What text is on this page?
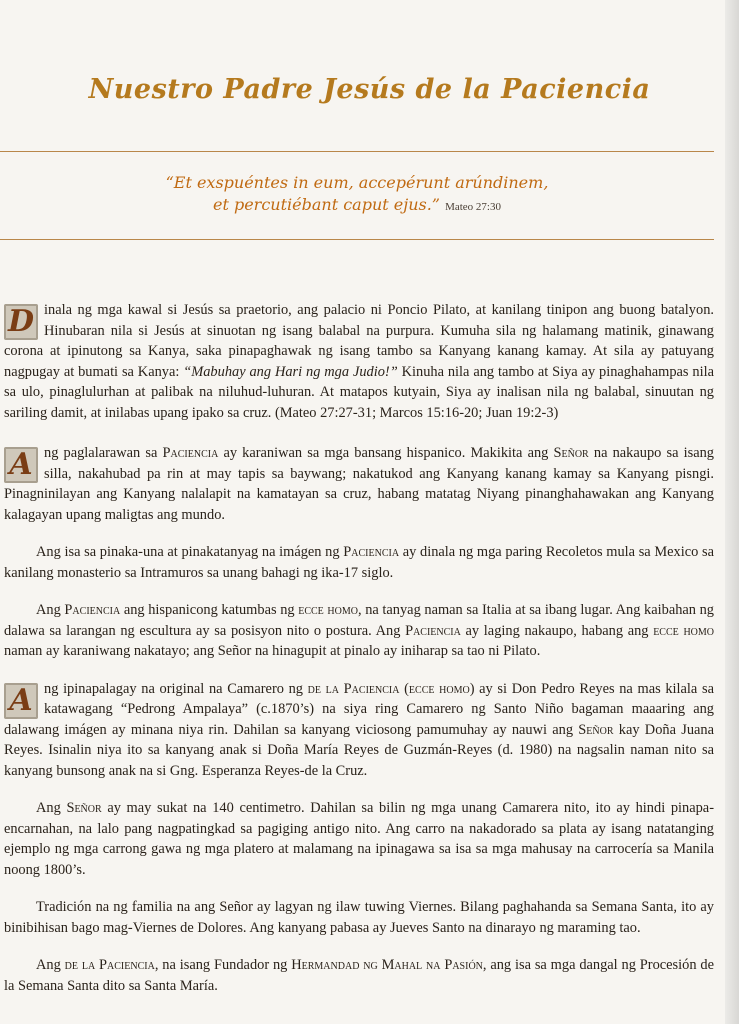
Nuestro Padre Jesús de la Paciencia
“Et exspuéntes in eum, accepérunt arúndinem,
et percutiébant caput ejus.” Mateo 27:30

D inala ng mga kawal si Jesús sa praetorio, ang palacio ni Poncio Pilato, at kanilang tinipon ang buong batalyon. Hinubaran nila si Jesús at sinuotan ng isang balabal na purpura. Kumuha sila ng halamang matinik, ginawang corona at ipinutong sa Kanya, saka pinapaghawak ng isang tambo sa Kanyang kanang kamay. At sila ay patuyang nagpugay at bumati sa Kanya: “Mabuhay ang Hari ng mga Judio!” Kinuha nila ang tambo at Siya ay pinaghahampas nila sa ulo, pinaglulurhan at palibak na niluhud-luhuran. At matapos kutyain, Siya ay inalisan nila ng balabal, sinuutan ng sariling damit, at inilabas upang ipako sa cruz. (Mateo 27:27-31; Marcos 15:16-20; Juan 19:2-3)

A ng paglalarawan sa Paciencia ay karaniwan sa mga bansang hispanico. Makikita ang Señor na nakaupo sa isang silla, nakahubad pa rin at may tapis sa baywang; nakatukod ang Kanyang kanang kamay sa Kanyang pisngi. Pinagninilayan ang Kanyang nalalapit na kamatayan sa cruz, habang matatag Niyang pinanghahawakan ang Kanyang kalagayan upang maligtas ang mundo.

Ang isa sa pinaka-una at pinakatanyag na imágen ng Paciencia ay dinala ng mga paring Recoletos mula sa Mexico sa kanilang monasterio sa Intramuros sa unang bahagi ng ika-17 siglo.

Ang Paciencia ang hispanicong katumbas ng ecce homo, na tanyag naman sa Italia at sa ibang lugar. Ang kaibahan ng dalawa sa larangan ng escultura ay sa posisyon nito o postura. Ang Paciencia ay laging nakaupo, habang ang ecce homo naman ay karaniwang nakatayo; ang Señor na hinagupit at pinalo ay iniharap sa tao ni Pilato.

A ng ipinapalagay na original na Camarero ng de la Paciencia (ecce homo) ay si Don Pedro Reyes na mas kilala sa katawagang “Pedrong Ampalaya” (c.1870’s) na siya ring Camarero ng Santo Niño bagaman maaaring ang dalawang imágen ay minana niya rin. Dahilan sa kanyang viciosong pamumuhay ay nauwi ang Señor kay Doña Juana Reyes. Isinalin niya ito sa kanyang anak si Doña María Reyes de Guzmán-Reyes (d. 1980) na nagsalin naman nito sa kanyang bunsong anak na si Gng. Esperanza Reyes-de la Cruz.

Ang Señor ay may sukat na 140 centimetro. Dahilan sa bilin ng mga unang Camarera nito, ito ay hindi pinapa-encarnahan, na lalo pang nagpatingkad sa pagiging antigo nito. Ang carro na nakadorado sa plata ay isang natatanging ejemplo ng mga carrong gawa ng mga platero at malamang na ipinagawa sa isa sa mga mahusay na carrocería sa Manila noong 1800’s.

Tradición na ng familia na ang Señor ay lagyan ng ilaw tuwing Viernes. Bilang paghahanda sa Semana Santa, ito ay binibihisan bago mag-Viernes de Dolores. Ang kanyang pabasa ay Jueves Santo na dinarayo ng maraming tao.

Ang de la Paciencia, na isang Fundador ng Hermandad ng Mahal na Pasión, ang isa sa mga dangal ng Procesión de la Semana Santa dito sa Santa María.
